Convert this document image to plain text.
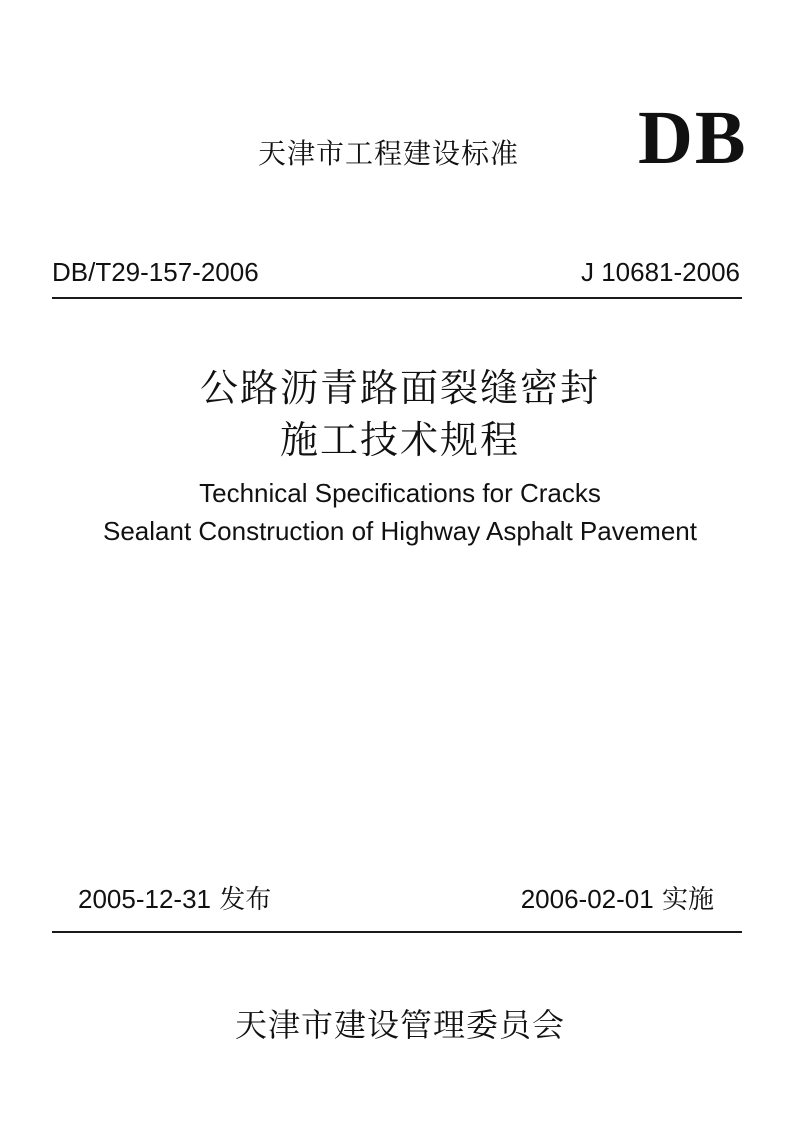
天津市工程建设标准 DB
DB/T29-157-2006	J 10681-2006
公路沥青路面裂缝密封
施工技术规程
Technical Specifications for Cracks
Sealant Construction of Highway Asphalt Pavement
2005-12-31 发布	2006-02-01 实施
天津市建设管理委员会
